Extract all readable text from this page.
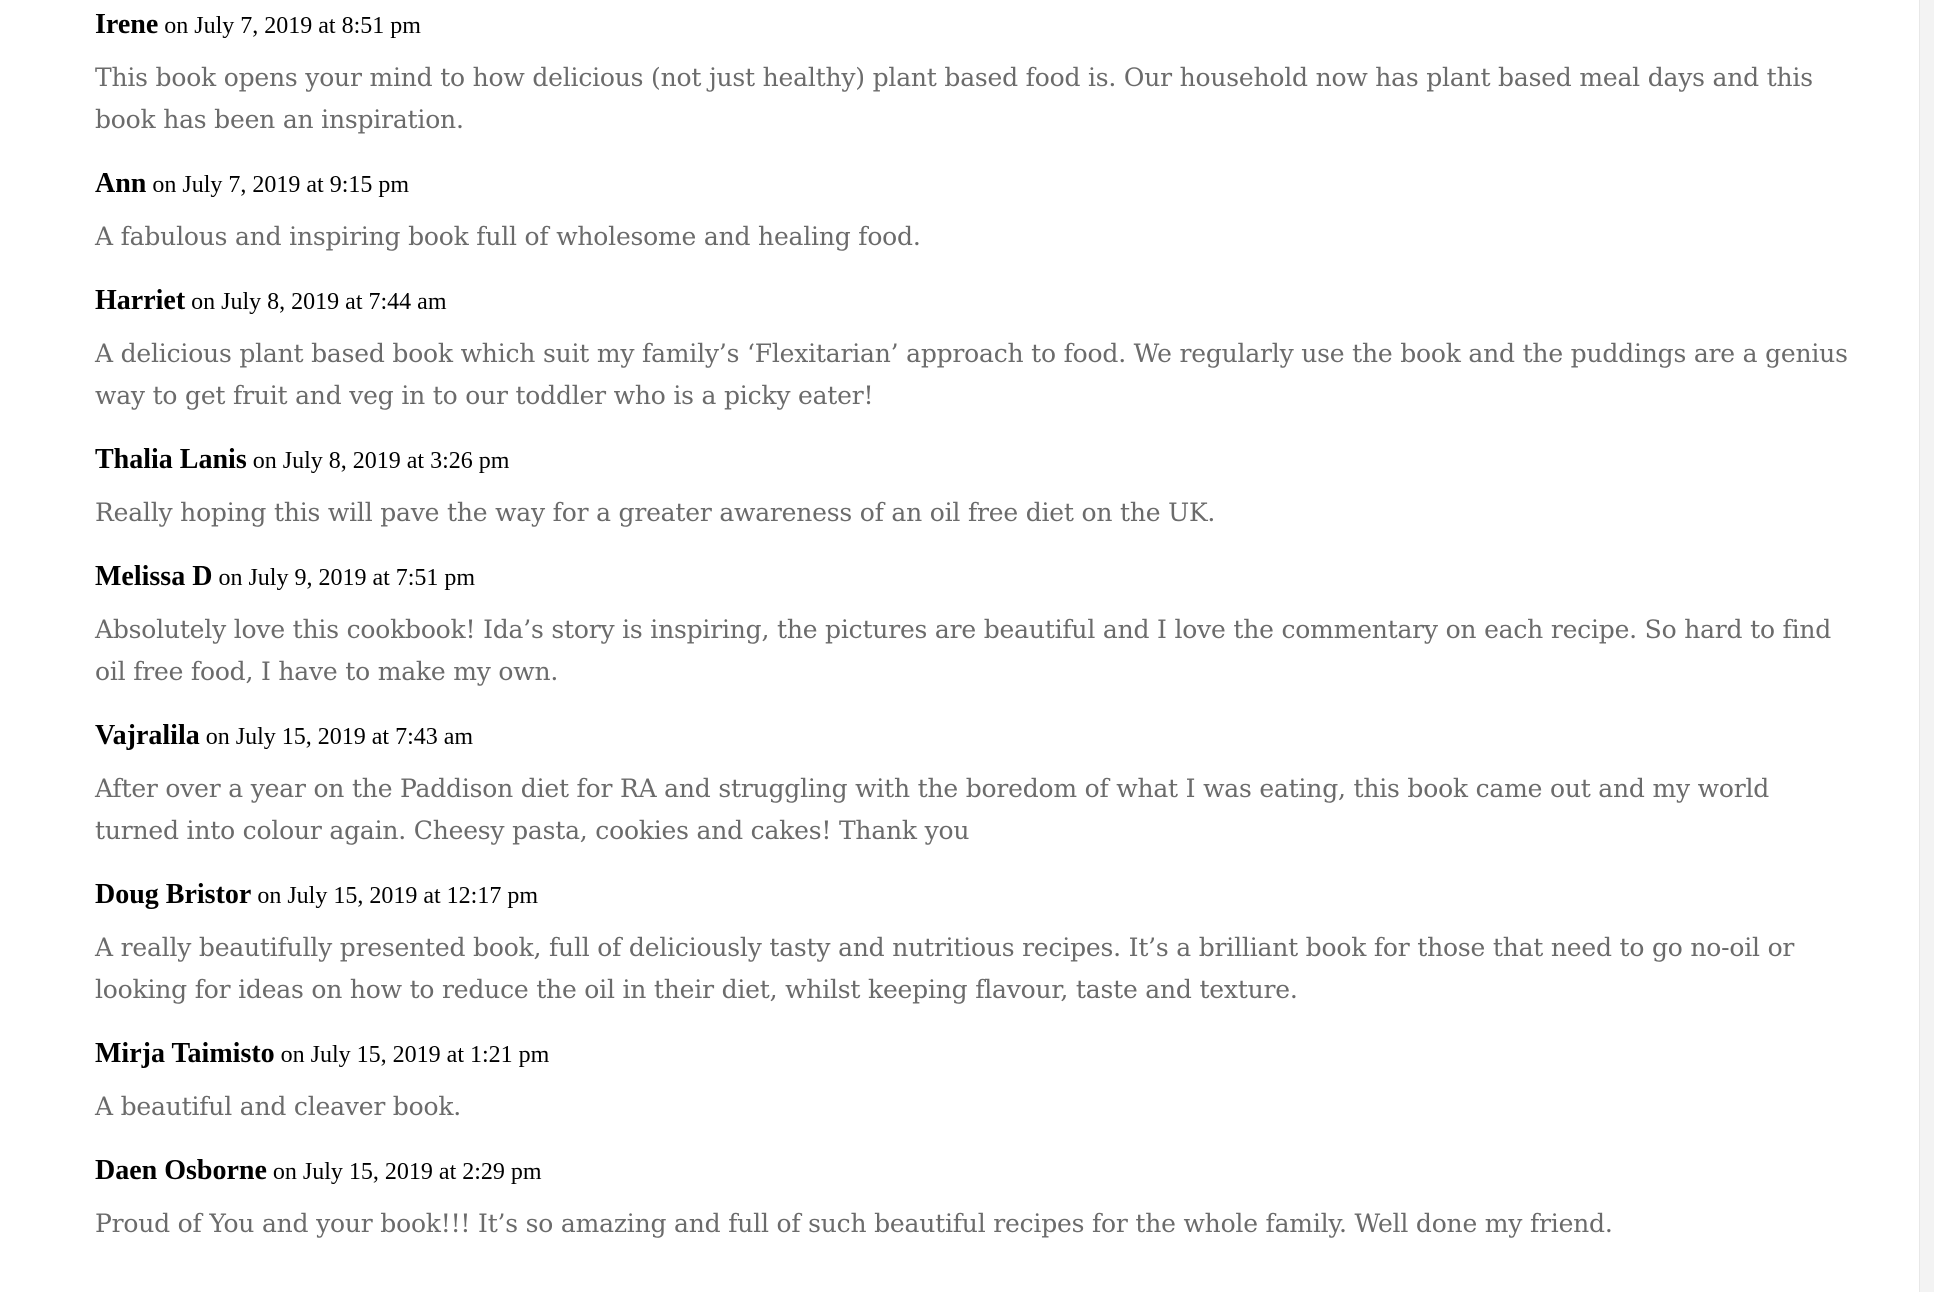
Irene on July 7, 2019 at 8:51 pm

This book opens your mind to how delicious (not just healthy) plant based food is. Our household now has plant based meal days and this book has been an inspiration.

Ann on July 7, 2019 at 9:15 pm

A fabulous and inspiring book full of wholesome and healing food.

Harriet on July 8, 2019 at 7:44 am

A delicious plant based book which suit my family’s ‘Flexitarian’ approach to food. We regularly use the book and the puddings are a genius way to get fruit and veg in to our toddler who is a picky eater!

Thalia Lanis on July 8, 2019 at 3:26 pm

Really hoping this will pave the way for a greater awareness of an oil free diet on the UK.

Melissa D on July 9, 2019 at 7:51 pm

Absolutely love this cookbook! Ida’s story is inspiring, the pictures are beautiful and I love the commentary on each recipe. So hard to find oil free food, I have to make my own.

Vajralila on July 15, 2019 at 7:43 am

After over a year on the Paddison diet for RA and struggling with the boredom of what I was eating, this book came out and my world turned into colour again. Cheesy pasta, cookies and cakes! Thank you

Doug Bristor on July 15, 2019 at 12:17 pm

A really beautifully presented book, full of deliciously tasty and nutritious recipes. It’s a brilliant book for those that need to go no-oil or looking for ideas on how to reduce the oil in their diet, whilst keeping flavour, taste and texture.

Mirja Taimisto on July 15, 2019 at 1:21 pm

A beautiful and cleaver book.

Daen Osborne on July 15, 2019 at 2:29 pm

Proud of You and your book!!! It’s so amazing and full of such beautiful recipes for the whole family. Well done my friend.
